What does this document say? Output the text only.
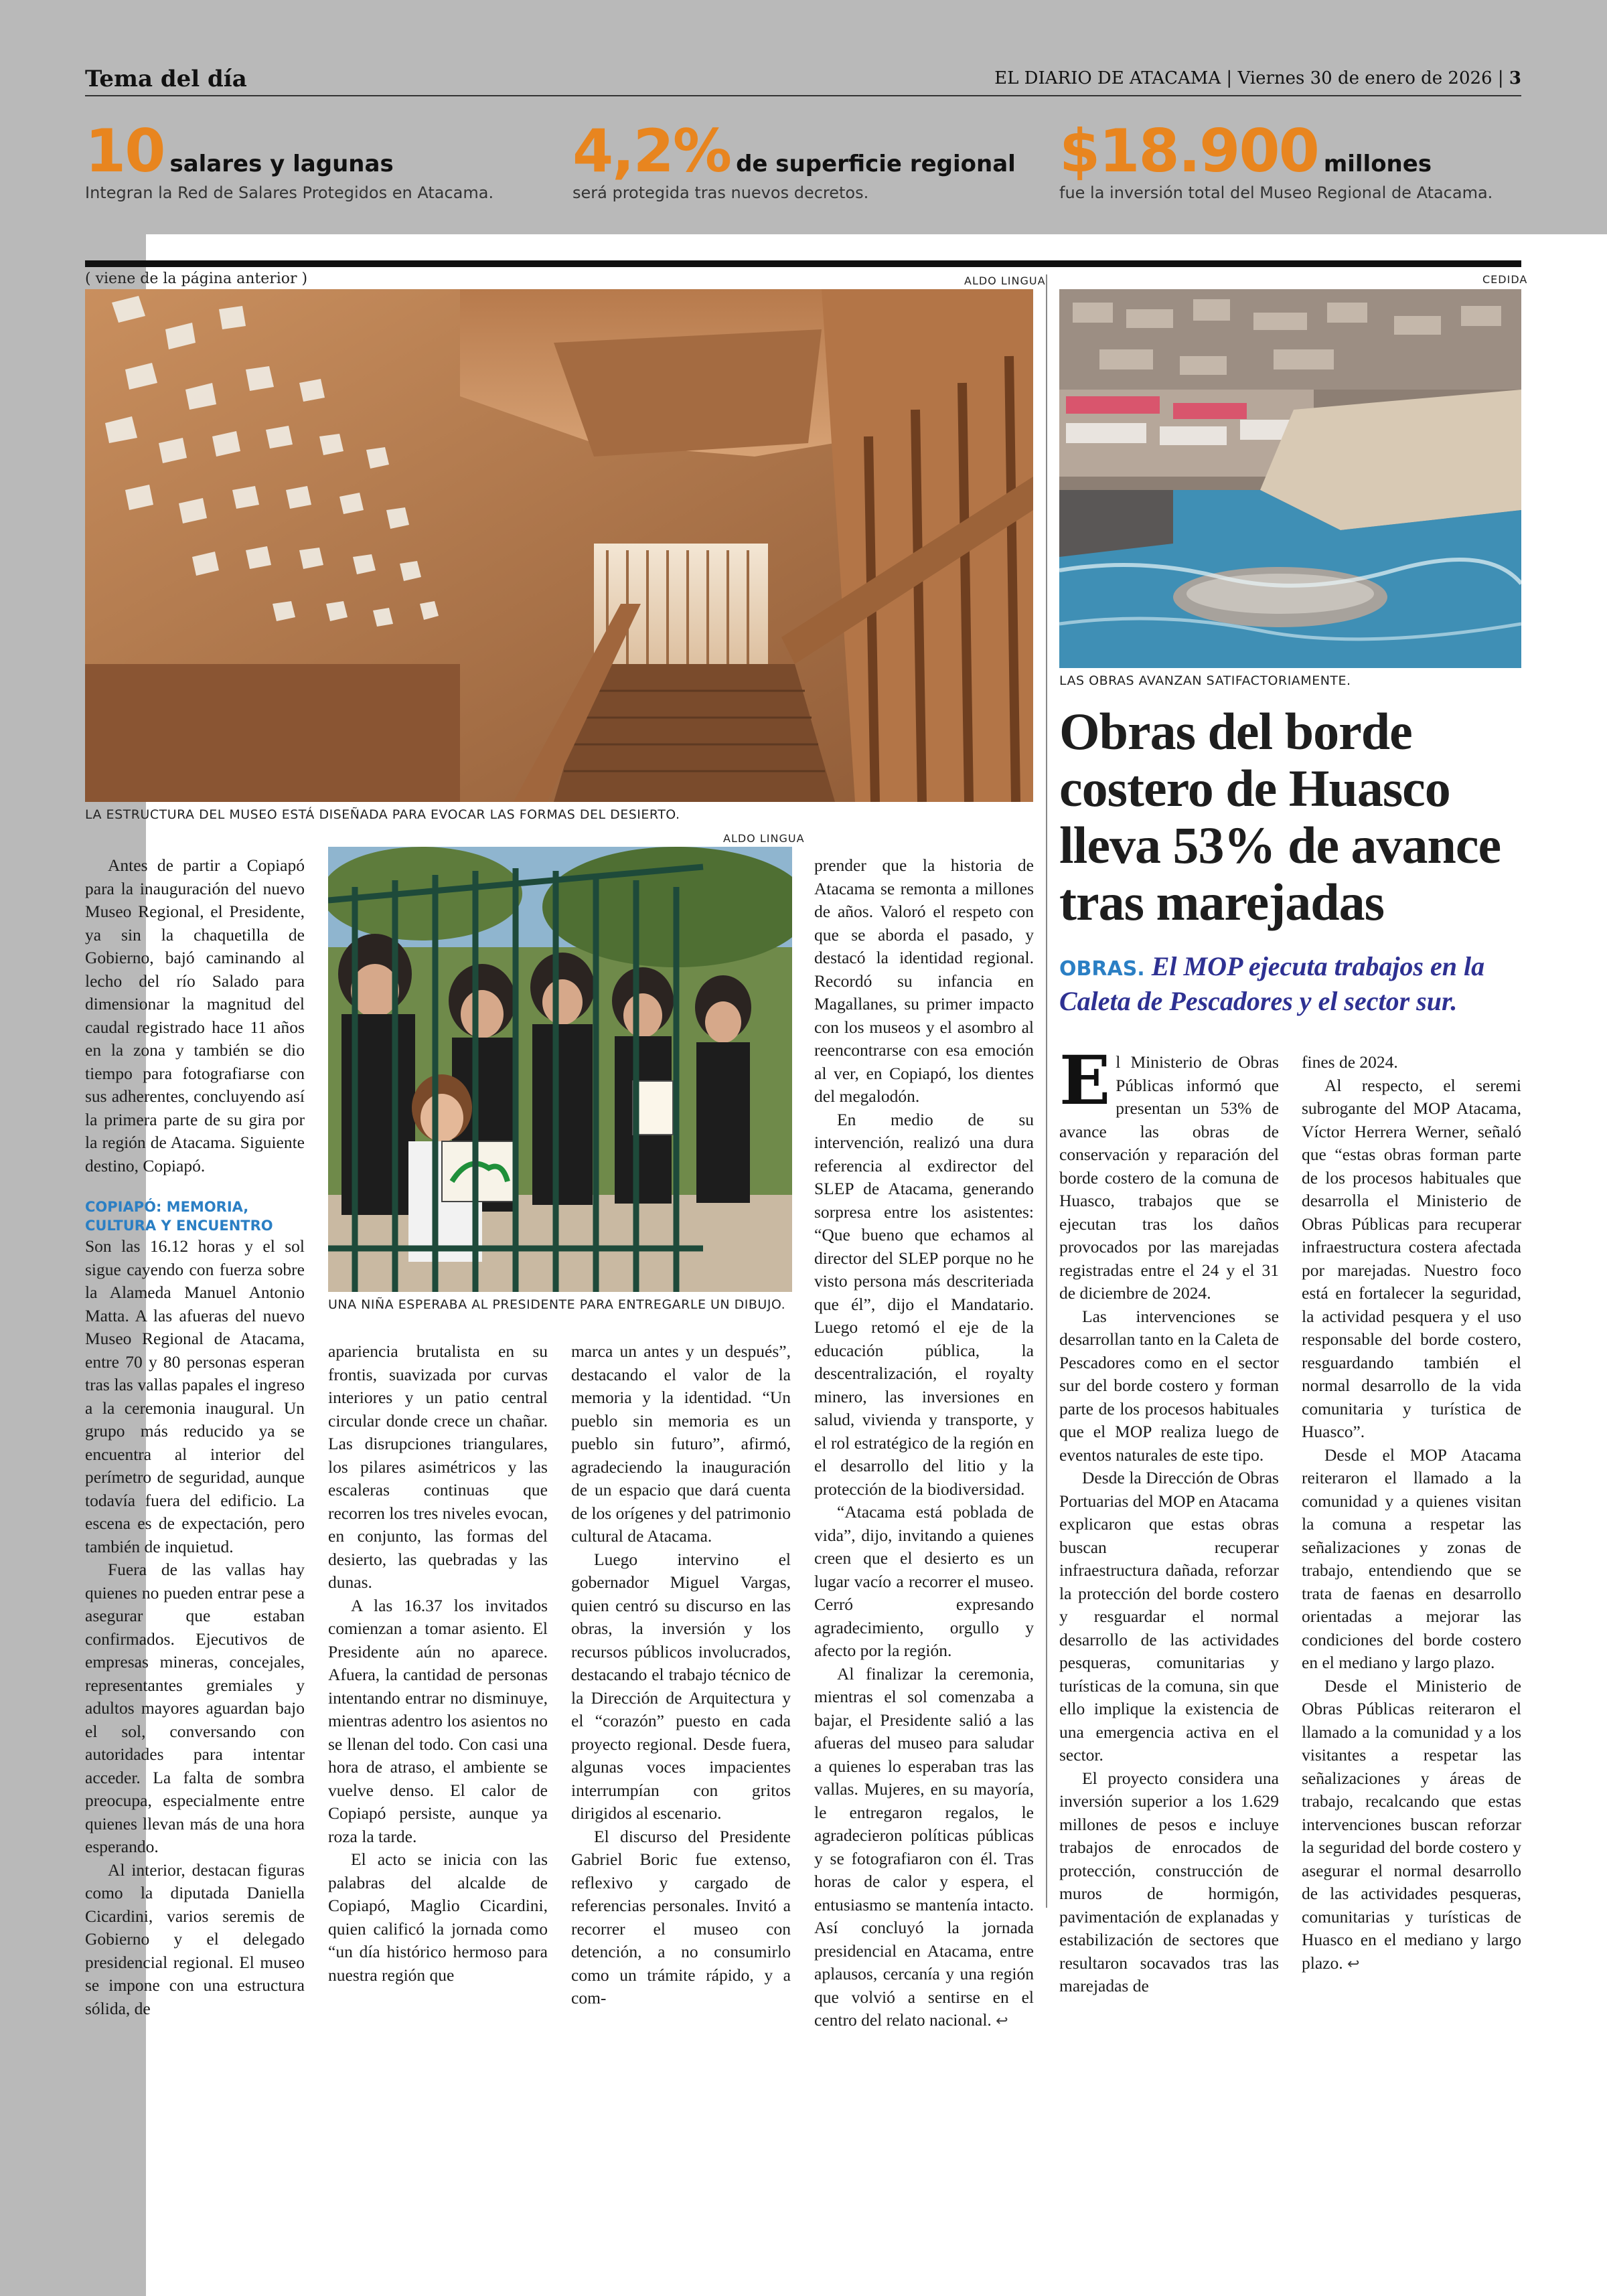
Tema del día	EL DIARIO DE ATACAMA | Viernes 30 de enero de 2026 | 3
10 salares y lagunas
Integran la Red de Salares Protegidos en Atacama.
4,2% de superficie regional
será protegida tras nuevos decretos.
$18.900 millones
fue la inversión total del Museo Regional de Atacama.
( viene de la página anterior )	ALDO LINGUA
LA ESTRUCTURA DEL MUSEO ESTÁ DISEÑADA PARA EVOCAR LAS FORMAS DEL DESIERTO.
ALDO LINGUA
UNA NIÑA ESPERABA AL PRESIDENTE PARA ENTREGARLE UN DIBUJO.

Antes de partir a Copiapó para la inauguración del nuevo Museo Regional, el Presidente, ya sin la chaquetilla de Gobierno, bajó caminando al lecho del río Salado para dimensionar la magnitud del caudal registrado hace 11 años en la zona y también se dio tiempo para fotografiarse con sus adherentes, concluyendo así la primera parte de su gira por la región de Atacama. Siguiente destino, Copiapó.

COPIAPÓ: MEMORIA, CULTURA Y ENCUENTRO

Son las 16.12 horas y el sol sigue cayendo con fuerza sobre la Alameda Manuel Antonio Matta. A las afueras del nuevo Museo Regional de Atacama, entre 70 y 80 personas esperan tras las vallas papales el ingreso a la ceremonia inaugural. Un grupo más reducido ya se encuentra al interior del perímetro de seguridad, aunque todavía fuera del edificio. La escena es de expectación, pero también de inquietud.

Fuera de las vallas hay quienes no pueden entrar pese a asegurar que estaban confirmados. Ejecutivos de empresas mineras, concejales, representantes gremiales y adultos mayores aguardan bajo el sol, conversando con autoridades para intentar acceder. La falta de sombra preocupa, especialmente entre quienes llevan más de una hora esperando.

Al interior, destacan figuras como la diputada Daniella Cicardini, varios seremis de Gobierno y el delegado presidencial regional. El museo se impone con una estructura sólida, de

apariencia brutalista en su frontis, suavizada por curvas interiores y un patio central circular donde crece un chañar. Las disrupciones triangulares, los pilares asimétricos y las escaleras continuas que recorren los tres niveles evocan, en conjunto, las formas del desierto, las quebradas y las dunas.

A las 16.37 los invitados comienzan a tomar asiento. El Presidente aún no aparece. Afuera, la cantidad de personas intentando entrar no disminuye, mientras adentro los asientos no se llenan del todo. Con casi una hora de atraso, el ambiente se vuelve denso. El calor de Copiapó persiste, aunque ya roza la tarde.

El acto se inicia con las palabras del alcalde de Copiapó, Maglio Cicardini, quien calificó la jornada como “un día histórico hermoso para nuestra región que

marca un antes y un después”, destacando el valor de la memoria y la identidad. “Un pueblo sin memoria es un pueblo sin futuro”, afirmó, agradeciendo la inauguración de un espacio que dará cuenta de los orígenes y del patrimonio cultural de Atacama.

Luego intervino el gobernador Miguel Vargas, quien centró su discurso en las obras, la inversión y los recursos públicos involucrados, destacando el trabajo técnico de la Dirección de Arquitectura y el “corazón” puesto en cada proyecto regional. Desde fuera, algunas voces impacientes interrumpían con gritos dirigidos al escenario.

El discurso del Presidente Gabriel Boric fue extenso, reflexivo y cargado de referencias personales. Invitó a recorrer el museo con detención, a no consumirlo como un trámite rápido, y a com-

prender que la historia de Atacama se remonta a millones de años. Valoró el respeto con que se aborda el pasado, y destacó la identidad regional. Recordó su infancia en Magallanes, su primer impacto con los museos y el asombro al reencontrarse con esa emoción al ver, en Copiapó, los dientes del megalodón.

En medio de su intervención, realizó una dura referencia al exdirector del SLEP de Atacama, generando sorpresa entre los asistentes: “Que bueno que echamos al director del SLEP porque no he visto persona más descriteriada que él”, dijo el Mandatario. Luego retomó el eje de la educación pública, la descentralización, el royalty minero, las inversiones en salud, vivienda y transporte, y el rol estratégico de la región en el desarrollo del litio y la protección de la biodiversidad.

“Atacama está poblada de vida”, dijo, invitando a quienes creen que el desierto es un lugar vacío a recorrer el museo. Cerró expresando agradecimiento, orgullo y afecto por la región.

Al finalizar la ceremonia, mientras el sol comenzaba a bajar, el Presidente salió a las afueras del museo para saludar a quienes lo esperaban tras las vallas. Mujeres, en su mayoría, le entregaron regalos, le agradecieron políticas públicas y se fotografiaron con él. Tras horas de calor y espera, el entusiasmo se mantenía intacto. Así concluyó la jornada presidencial en Atacama, entre aplausos, cercanía y una región que volvió a sentirse en el centro del relato nacional. ↩

CEDIDA
LAS OBRAS AVANZAN SATIFACTORIAMENTE.
Obras del borde costero de Huasco lleva 53% de avance tras marejadas
OBRAS. El MOP ejecuta trabajos en la Caleta de Pescadores y el sector sur.

El Ministerio de Obras Públicas informó que presentan un 53% de avance las obras de conservación y reparación del borde costero de la comuna de Huasco, trabajos que se ejecutan tras los daños provocados por las marejadas registradas entre el 24 y el 31 de diciembre de 2024.

Las intervenciones se desarrollan tanto en la Caleta de Pescadores como en el sector sur del borde costero y forman parte de los procesos habituales que el MOP realiza luego de eventos naturales de este tipo.

Desde la Dirección de Obras Portuarias del MOP en Atacama explicaron que estas obras buscan recuperar infraestructura dañada, reforzar la protección del borde costero y resguardar el normal desarrollo de las actividades pesqueras, comunitarias y turísticas de la comuna, sin que ello implique la existencia de una emergencia activa en el sector.

El proyecto considera una inversión superior a los 1.629 millones de pesos e incluye trabajos de enrocados de protección, construcción de muros de hormigón, pavimentación de explanadas y estabilización de sectores que resultaron socavados tras las marejadas de

fines de 2024.

Al respecto, el seremi subrogante del MOP Atacama, Víctor Herrera Werner, señaló que “estas obras forman parte de los procesos habituales que desarrolla el Ministerio de Obras Públicas para recuperar infraestructura costera afectada por marejadas. Nuestro foco está en fortalecer la seguridad, la actividad pesquera y el uso responsable del borde costero, resguardando también el normal desarrollo de la vida comunitaria y turística de Huasco”.

Desde el MOP Atacama reiteraron el llamado a la comunidad y a quienes visitan la comuna a respetar las señalizaciones y zonas de trabajo, entendiendo que se trata de faenas en desarrollo orientadas a mejorar las condiciones del borde costero en el mediano y largo plazo.

Desde el Ministerio de Obras Públicas reiteraron el llamado a la comunidad y a los visitantes a respetar las señalizaciones y áreas de trabajo, recalcando que estas intervenciones buscan reforzar la seguridad del borde costero y asegurar el normal desarrollo de las actividades pesqueras, comunitarias y turísticas de Huasco en el mediano y largo plazo. ↩
